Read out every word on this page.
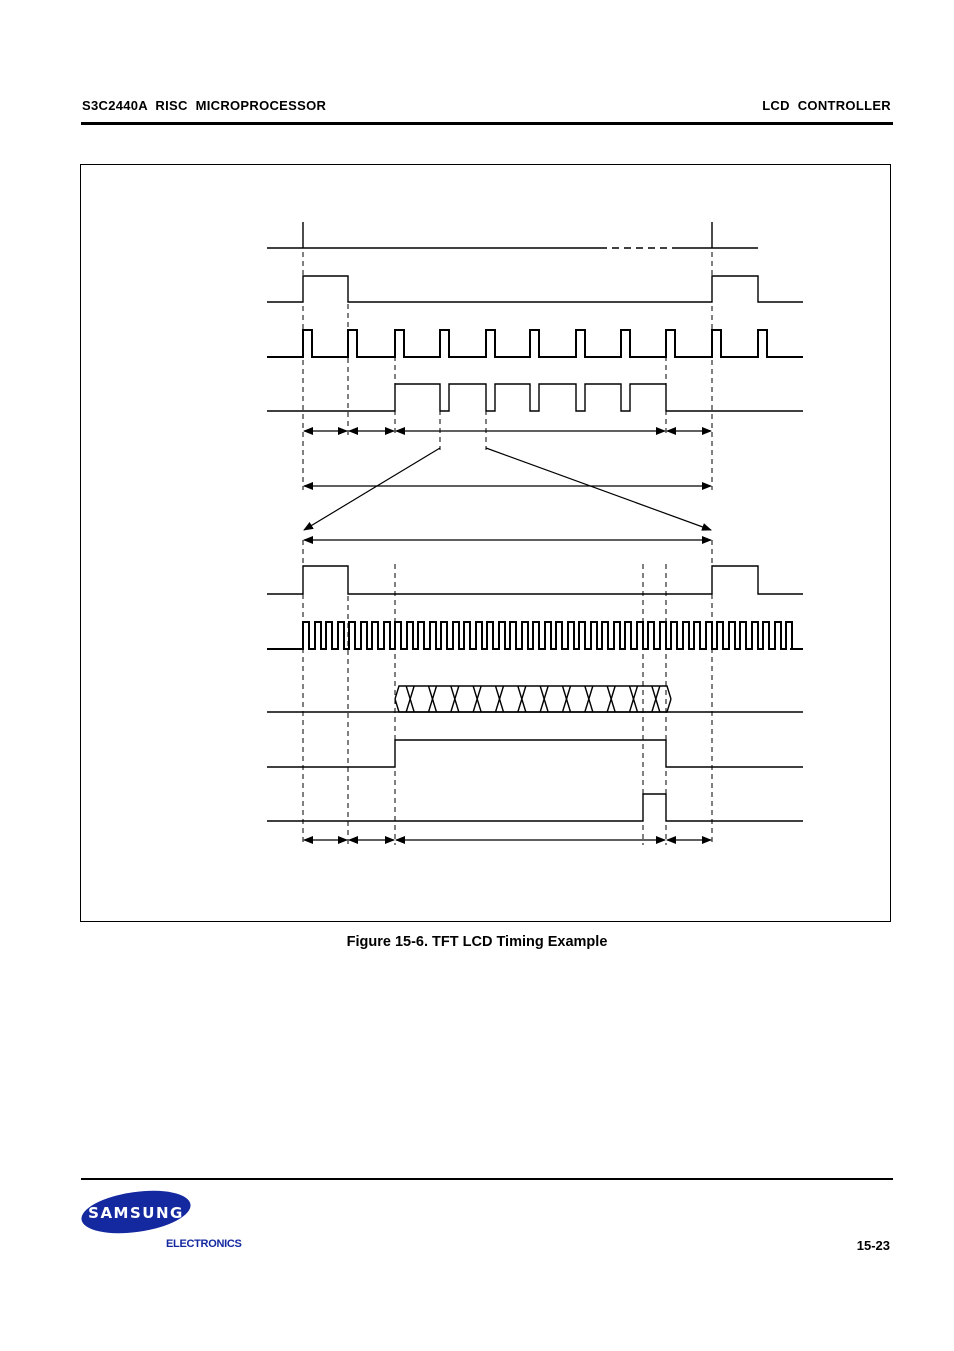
S3C2440A RISC MICROPROCESSOR	LCD CONTROLLER
Figure 15-6. TFT LCD Timing Example
SAMSUNG
ELECTRONICS	15-23
